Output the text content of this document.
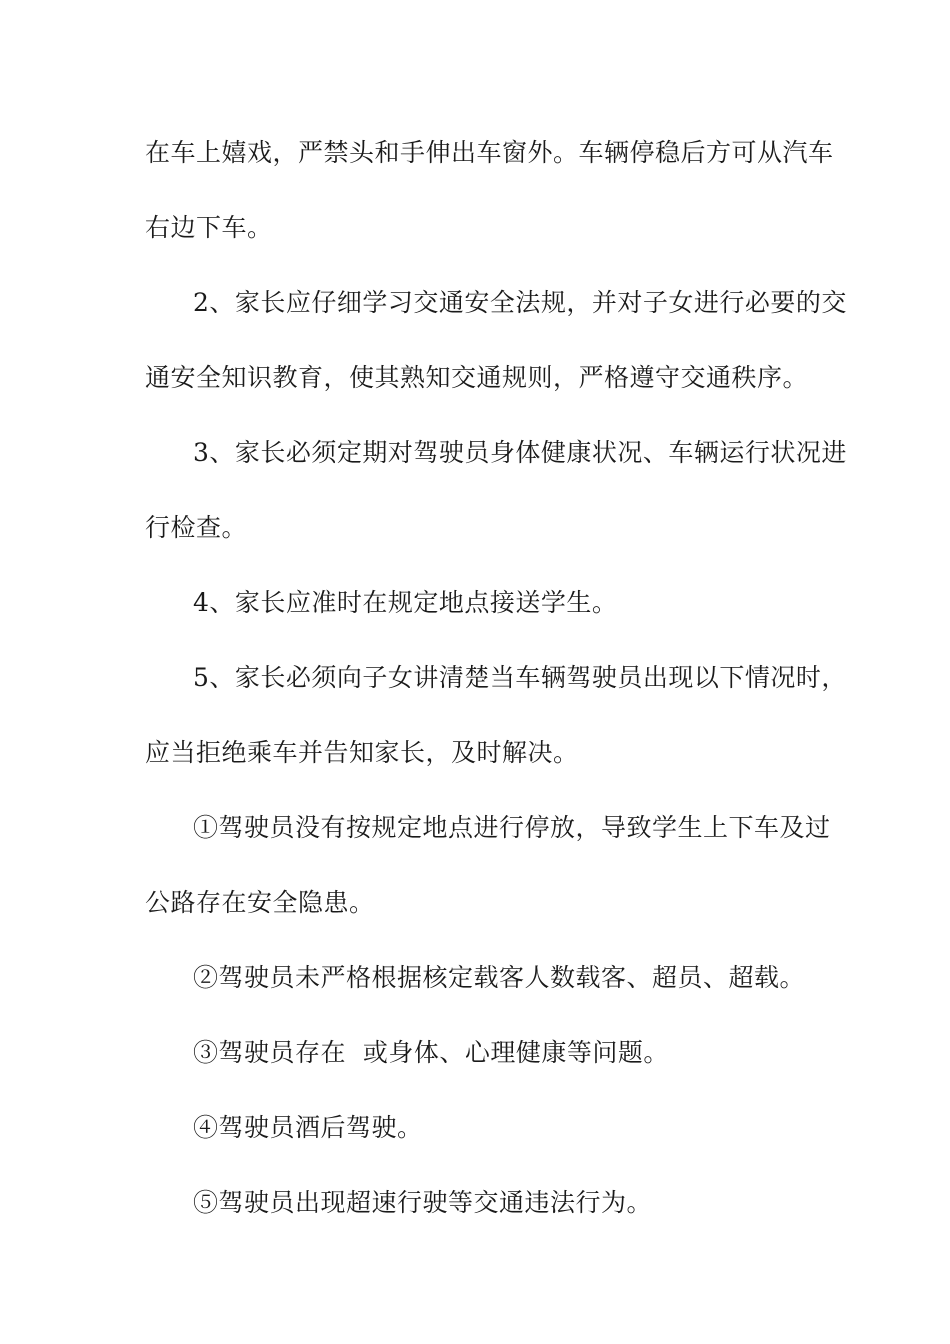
在车上嬉戏，严禁头和手伸出车窗外。车辆停稳后方可从汽车
右边下车。
2、家长应仔细学习交通安全法规，并对子女进行必要的交
通安全知识教育，使其熟知交通规则，严格遵守交通秩序。
3、家长必须定期对驾驶员身体健康状况、车辆运行状况进
行检查。
4、家长应准时在规定地点接送学生。
5、家长必须向子女讲清楚当车辆驾驶员出现以下情况时，
应当拒绝乘车并告知家长，及时解决。
①驾驶员没有按规定地点进行停放，导致学生上下车及过
公路存在安全隐患。
②驾驶员未严格根据核定载客人数载客、超员、超载。
③驾驶员存在  或身体、心理健康等问题。
④驾驶员酒后驾驶。
⑤驾驶员出现超速行驶等交通违法行为。
